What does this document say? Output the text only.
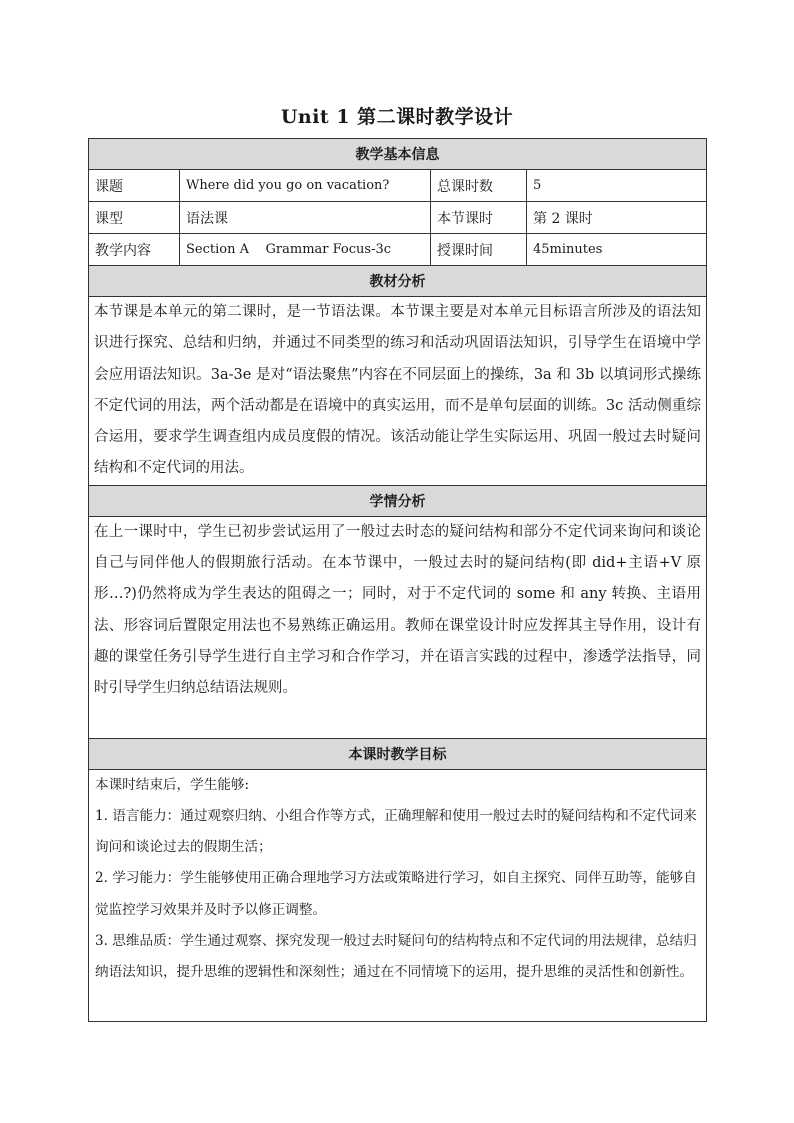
Unit 1 第二课时教学设计
教学基本信息			
课题	Where did you go on vacation?	总课时数	5
课型	语法课	本节课时	第 2 课时
教学内容	Section A    Grammar Focus-3c	授课时间	45minutes
教材分析			
本节课是本单元的第二课时，是一节语法课。本节课主要是对本单元目标语言所涉及的语法知识进行探究、总结和归纳，并通过不同类型的练习和活动巩固语法知识，引导学生在语境中学会应用语法知识。3a-3e 是对“语法聚焦”内容在不同层面上的操练，3a 和 3b 以填词形式操练不定代词的用法，两个活动都是在语境中的真实运用，而不是单句层面的训练。3c 活动侧重综合运用，要求学生调查组内成员度假的情况。该活动能让学生实际运用、巩固一般过去时疑问结构和不定代词的用法。			
学情分析			
在上一课时中，学生已初步尝试运用了一般过去时态的疑问结构和部分不定代词来询问和谈论自己与同伴他人的假期旅行活动。在本节课中，一般过去时的疑问结构(即 did+主语+V 原形…?)仍然将成为学生表达的阻碍之一；同时，对于不定代词的 some 和 any 转换、主语用法、形容词后置限定用法也不易熟练正确运用。教师在课堂设计时应发挥其主导作用，设计有趣的课堂任务引导学生进行自主学习和合作学习，并在语言实践的过程中，渗透学法指导，同时引导学生归纳总结语法规则。			
本课时教学目标			

本课时结束后，学生能够:
1. 语言能力：通过观察归纳、小组合作等方式，正确理解和使用一般过去时的疑问结构和不定代词来询问和谈论过去的假期生活；
2. 学习能力：学生能够使用正确合理地学习方法或策略进行学习，如自主探究、同伴互助等，能够自觉监控学习效果并及时予以修正调整。
3. 思维品质：学生通过观察、探究发现一般过去时疑问句的结构特点和不定代词的用法规律，总结归纳语法知识，提升思维的逻辑性和深刻性；通过在不同情境下的运用，提升思维的灵活性和创新性。			
